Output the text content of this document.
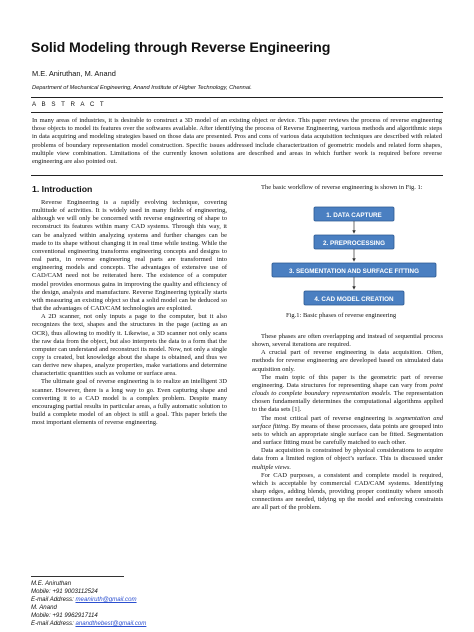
Solid Modeling through Reverse Engineering
M.E. Aniruthan, M. Anand
Department of Mechanical Engineering, Anand Institute of Higher Technology, Chennai.
A B S T R A C T
In many areas of industries, it is desirable to construct a 3D model of an existing object or device. This paper reviews the process of reverse engineering those objects to model its features over the softwares available. After identifying the process of Reverse Engineering, various methods and algorithmic steps in data acquiring and modeling strategies based on those data are presented. Pros and cons of various data acquisition techniques are described with related problems of boundary representation model construction. Specific issues addressed include characterization of geometric models and related form shapes, multiple view combination. Limitations of the currently known solutions are described and areas in which further work is required before reverse engineering are also pointed out.
1. Introduction

Reverse Engineering is a rapidly evolving technique, covering multitude of activities. It is widely used in many fields of engineering, although we will only be concerned with reverse engineering of shape to reconstruct its features within many CAD systems. Through this way, it can be analyzed within analyzing systems and further changes can be made to its shape without changing it in real time while testing. While the conventional engineering transforms engineering concepts and designs to real parts, in reverse engineering real parts are transformed into engineering models and concepts. The advantages of extensive use of CAD/CAM need not be reiterated here. The existence of a computer model provides enormous gains in improving the quality and efficiency of the design, analysis and manufacture. Reverse Engineering typically starts with measuring an existing object so that a solid model can be deduced so that the advantages of CAD/CAM technologies are exploited.

A 2D scanner, not only inputs a page to the computer, but it also recognizes the text, shapes and the structures in the page (acting as an OCR), thus allowing to modify it. Likewise, a 3D scanner not only scans the raw data from the object, but also interprets the data to a form that the computer can understand and reconstruct its model. Now, not only a single copy is created, but knowledge about the shape is obtained, and thus we can derive new shapes, analyze properties, make variations and determine characteristic quantities such as volume or surface area.

The ultimate goal of reverse engineering is to realize an intelligent 3D scanner. However, there is a long way to go. Even capturing shape and converting it to a CAD model is a complex problem. Despite many encouraging partial results in particular areas, a fully automatic solution to build a complete model of an object is still a goal. This paper briefs the most important elements of reverse engineering.

The basic workflow of reverse engineering is shown in Fig. 1:

1. DATA CAPTURE
2. PREPROCESSING
3. SEGMENTATION AND SURFACE FITTING
4. CAD MODEL CREATION
Fig.1: Basic phases of reverse engineering

These phases are often overlapping and instead of sequential process shown, several iterations are required.

A crucial part of reverse engineering is data acquisition. Often, methods for reverse engineering are developed based on simulated data acquisition only.

The main topic of this paper is the geometric part of reverse engineering. Data structures for representing shape can vary from point clouds to complete boundary representation models. The representation chosen fundamentally determines the computational algorithms applied to the data sets [1].

The most critical part of reverse engineering is segmentation and surface fitting. By means of these processes, data points are grouped into sets to which an appropriate single surface can be fitted. Segmentation and surface fitting must be carefully matched to each other.

Data acquisition is constrained by physical considerations to acquire data from a limited region of object’s surface. This is discussed under multiple views.

For CAD purposes, a consistent and complete model is required, which is acceptable by commercial CAD/CAM systems. Identifying sharp edges, adding blends, providing proper continuity where smooth connections are needed, tidying up the model and enforcing constraints are all part of the problem.

M.E. Aniruthan
Mobile: +91 9003112524
E-mail Address: meaniruth@gmail.com
M. Anand
Mobile: +91 9962917114
E-mail Address: anandthebest@gmail.com
